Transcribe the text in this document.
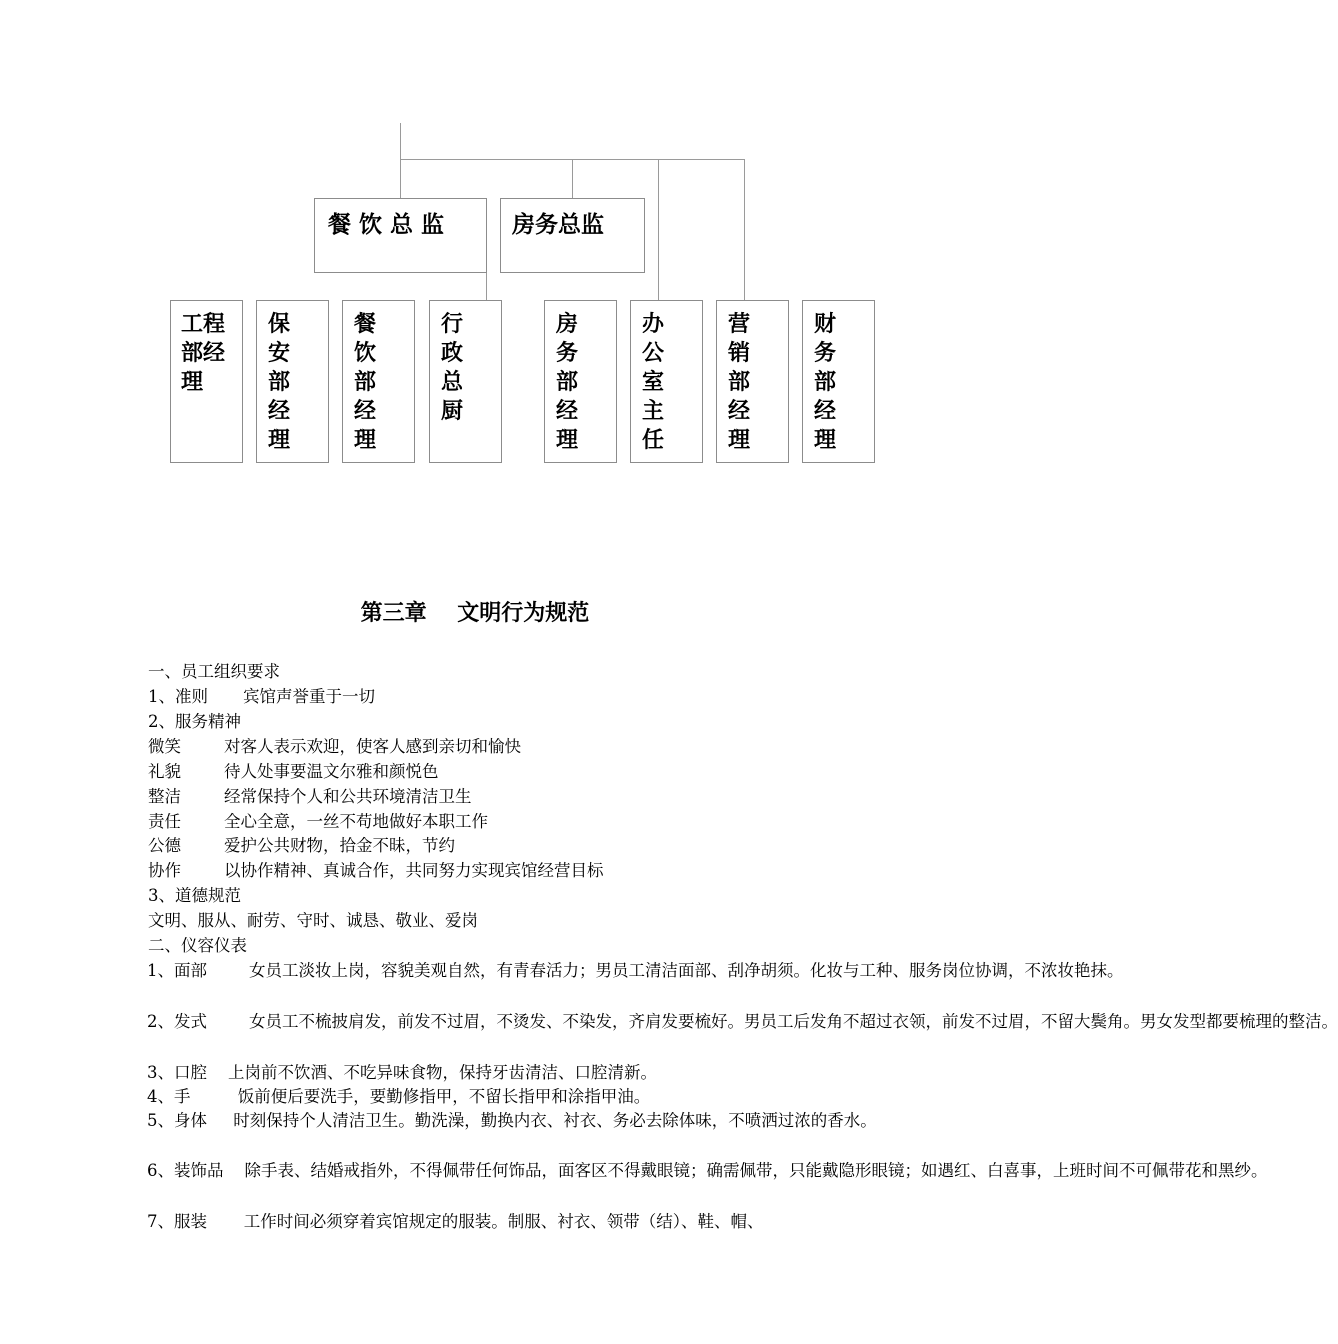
餐 饮 总 监	房务总监
工程部经理
保安部经理
餐饮部经理
行政总厨
房务部经理
办公室主任
营销部经理
财务部经理
第三章    文明行为规范
一、员工组织要求
1、准则 宾馆声誉重于一切
2、服务精神
微笑	对客人表示欢迎，使客人感到亲切和愉快
礼貌	待人处事要温文尔雅和颜悦色
整洁	经常保持个人和公共环境清洁卫生
责任	全心全意，一丝不苟地做好本职工作
公德	爱护公共财物，拾金不昧，节约
协作	以协作精神、真诚合作，共同努力实现宾馆经营目标
3、道德规范
文明、服从、耐劳、守时、诚恳、敬业、爱岗
二、仪容仪表
1、面部	女员工淡妆上岗，容貌美观自然，有青春活力；男员工清洁面部、刮净胡须。化妆与工种、服务岗位协调，不浓妆艳抹。
2、发式	女员工不梳披肩发，前发不过眉，不烫发、不染发，齐肩发要梳好。男员工后发角不超过衣领，前发不过眉，不留大鬓角。男女发型都要梳理的整洁。
3、口腔 上岗前不饮酒、不吃异味食物，保持牙齿清洁、口腔清新。
4、手	饭前便后要洗手，要勤修指甲，不留长指甲和涂指甲油。
5、身体 时刻保持个人清洁卫生。勤洗澡，勤换内衣、衬衣、务必去除体味，不喷洒过浓的香水。
6、装饰品 除手表、结婚戒指外，不得佩带任何饰品，面客区不得戴眼镜；确需佩带，只能戴隐形眼镜；如遇红、白喜事，上班时间不可佩带花和黑纱。
7、服装 工作时间必须穿着宾馆规定的服装。制服、衬衣、领带（结）、鞋、帽、
